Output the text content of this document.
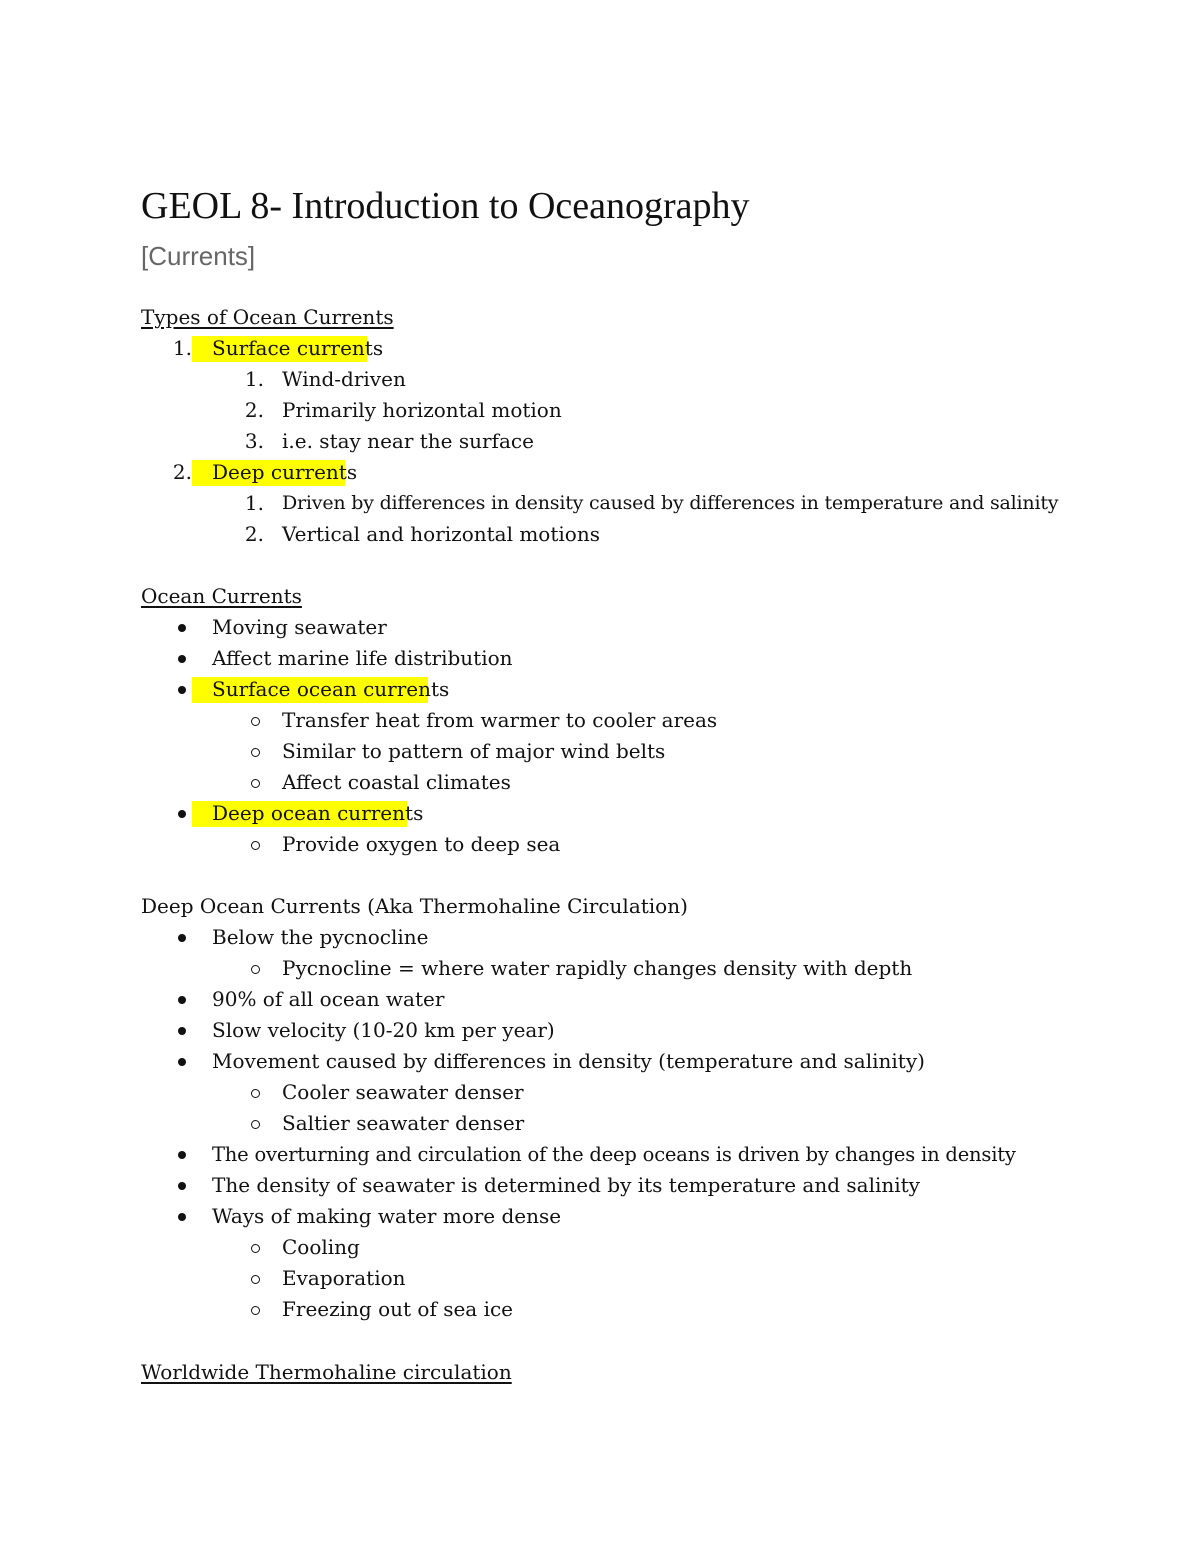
GEOL 8- Introduction to Oceanography
[Currents]
Types of Ocean Currents
1. Surface currents
1. Wind-driven
2. Primarily horizontal motion
3. i.e. stay near the surface
2. Deep currents
1. Driven by differences in density caused by differences in temperature and salinity
2. Vertical and horizontal motions
Ocean Currents
Moving seawater
Affect marine life distribution
Surface ocean currents
Transfer heat from warmer to cooler areas
Similar to pattern of major wind belts
Affect coastal climates
Deep ocean currents
Provide oxygen to deep sea
Deep Ocean Currents (Aka Thermohaline Circulation)
Below the pycnocline
Pycnocline = where water rapidly changes density with depth
90% of all ocean water
Slow velocity (10-20 km per year)
Movement caused by differences in density (temperature and salinity)
Cooler seawater denser
Saltier seawater denser
The overturning and circulation of the deep oceans is driven by changes in density
The density of seawater is determined by its temperature and salinity
Ways of making water more dense
Cooling
Evaporation
Freezing out of sea ice
Worldwide Thermohaline circulation
